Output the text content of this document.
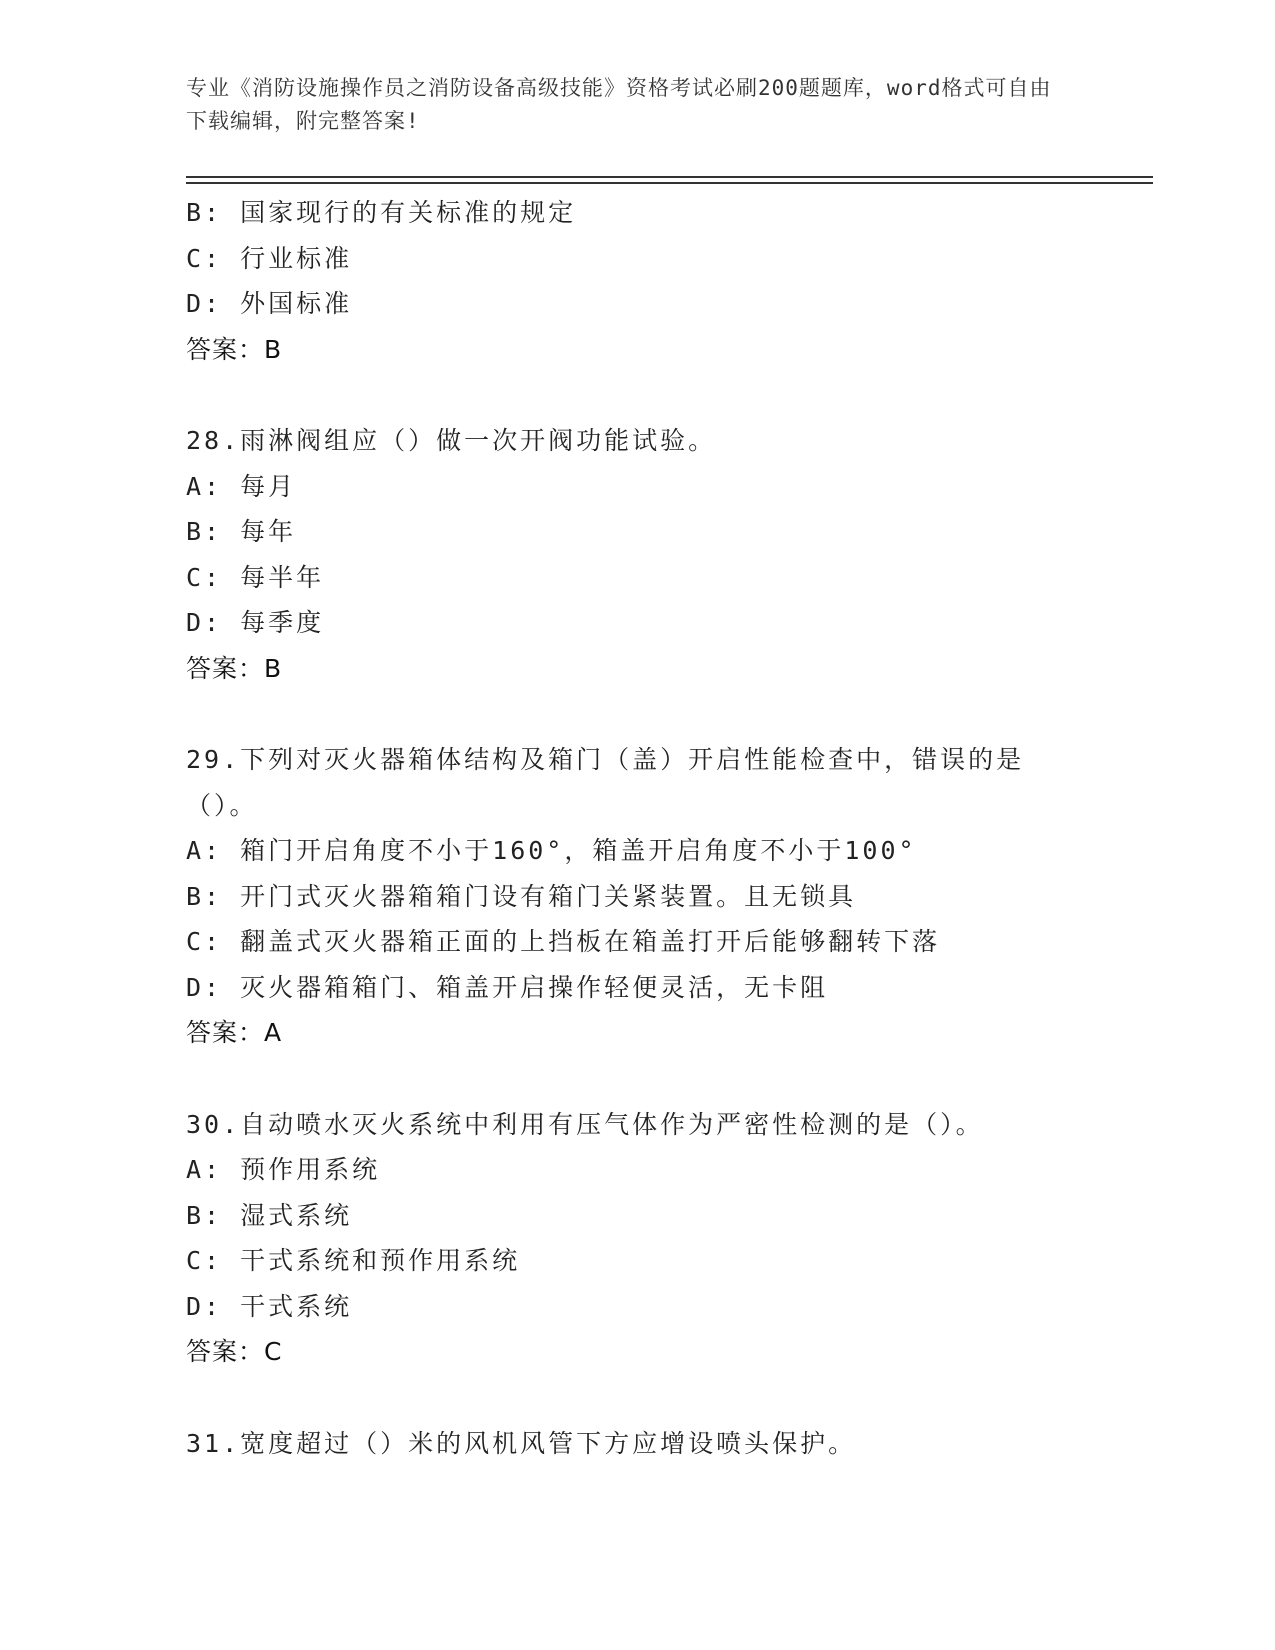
专业《消防设施操作员之消防设备高级技能》资格考试必刷200题题库，word格式可自由下载编辑，附完整答案!
B: 国家现行的有关标准的规定
C: 行业标准
D: 外国标准
答案：B
28.雨淋阀组应（）做一次开阀功能试验。
A: 每月
B: 每年
C: 每半年
D: 每季度
答案：B
29.下列对灭火器箱体结构及箱门（盖）开启性能检查中，错误的是（）。
A: 箱门开启角度不小于160°，箱盖开启角度不小于100°
B: 开门式灭火器箱箱门设有箱门关紧装置。且无锁具
C: 翻盖式灭火器箱正面的上挡板在箱盖打开后能够翻转下落
D: 灭火器箱箱门、箱盖开启操作轻便灵活，无卡阻
答案：A
30.自动喷水灭火系统中利用有压气体作为严密性检测的是（）。
A: 预作用系统
B: 湿式系统
C: 干式系统和预作用系统
D: 干式系统
答案：C
31.宽度超过（）米的风机风管下方应增设喷头保护。
